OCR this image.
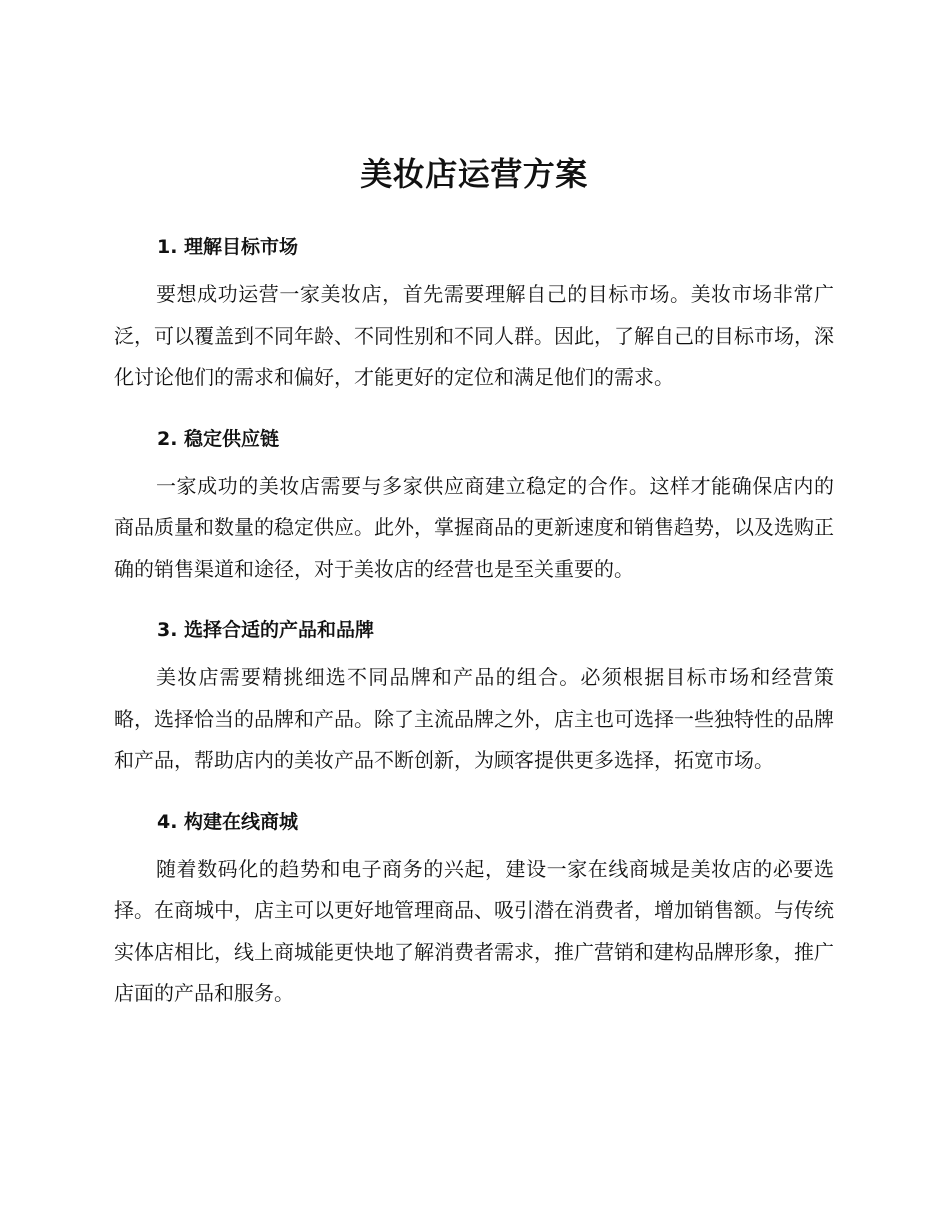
美妆店运营方案
1. 理解目标市场

要想成功运营一家美妆店，首先需要理解自己的目标市场。美妆市场非常广泛，可以覆盖到不同年龄、不同性别和不同人群。因此，了解自己的目标市场，深化讨论他们的需求和偏好，才能更好的定位和满足他们的需求。

2. 稳定供应链

一家成功的美妆店需要与多家供应商建立稳定的合作。这样才能确保店内的商品质量和数量的稳定供应。此外，掌握商品的更新速度和销售趋势，以及选购正确的销售渠道和途径，对于美妆店的经营也是至关重要的。

3. 选择合适的产品和品牌

美妆店需要精挑细选不同品牌和产品的组合。必须根据目标市场和经营策略，选择恰当的品牌和产品。除了主流品牌之外，店主也可选择一些独特性的品牌和产品，帮助店内的美妆产品不断创新，为顾客提供更多选择，拓宽市场。

4. 构建在线商城

随着数码化的趋势和电子商务的兴起，建设一家在线商城是美妆店的必要选择。在商城中，店主可以更好地管理商品、吸引潜在消费者，增加销售额。与传统实体店相比，线上商城能更快地了解消费者需求，推广营销和建构品牌形象，推广店面的产品和服务。
